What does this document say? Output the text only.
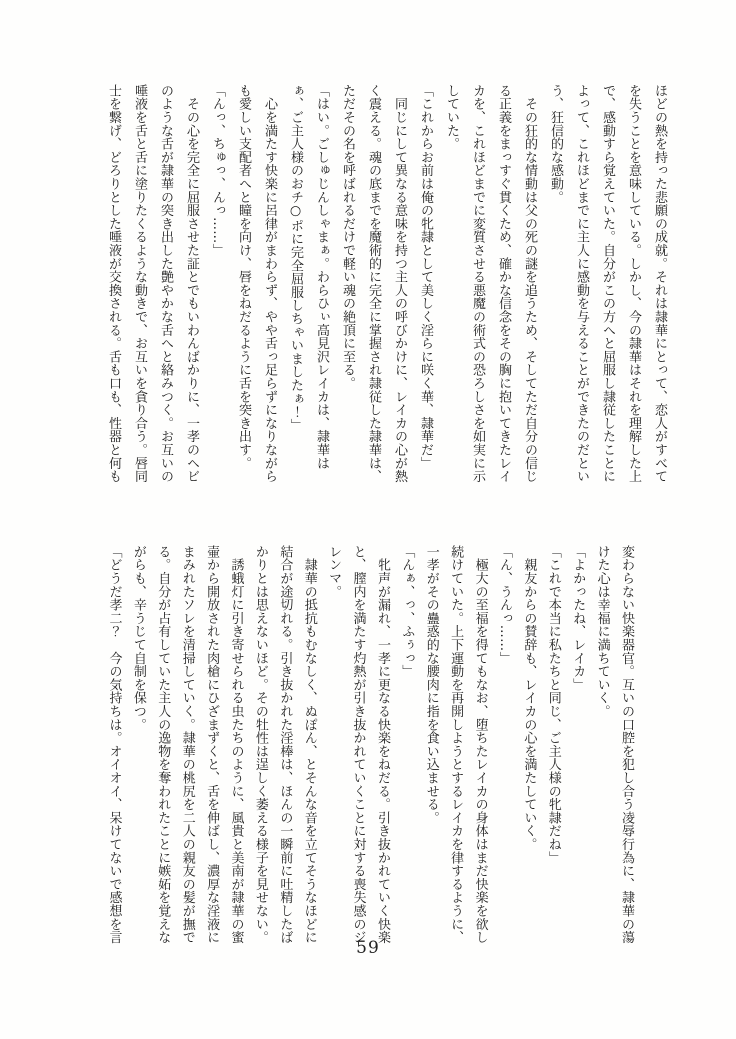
ほどの熱を持った悲願の成就。それは隷華にとって、恋人がすべて
を失うことを意味している。しかし、今の隷華はそれを理解した上
で、感動すら覚えていた。自分がこの方へと屈服し隷従したことに
よって、これほどまでに主人に感動を与えることができたのだとい
う、狂信的な感動。
　その狂的な情動は父の死の謎を追うため、そしてただ自分の信じ
る正義をまっすぐ貫くため、確かな信念をその胸に抱いてきたレイ
カを、これほどまでに変質させる悪魔の術式の恐ろしさを如実に示
していた。
「これからお前は俺の牝隷として美しく淫らに咲く華、隷華だ」
　同じにして異なる意味を持つ主人の呼びかけに、レイカの心が熱
く震える。魂の底までを魔術的に完全に掌握され隷従した隷華は、
ただその名を呼ばれるだけで軽い魂の絶頂に至る。
「はい。ごしゅじんしゃまぁ。わらひぃ高見沢レイカは、隷華は
ぁ、ご主人様のおチ○ポに完全屈服しちゃいましたぁ！」
　心を満たす快楽に呂律がまわらず、やや舌っ足らずになりながら
も愛しい支配者へと瞳を向け、唇をねだるように舌を突き出す。
「んっ、ちゅっ、んっ……」
　その心を完全に屈服させた証とでもいわんばかりに、一孝のヘビ
のような舌が隷華の突き出した艶やかな舌へと絡みつく。お互いの
唾液を舌と舌に塗りたくるような動きで、お互いを貪り合う。唇同
士を繋げ、どろりとした唾液が交換される。舌も口も、性器と何も
変わらない快楽器官。互いの口腔を犯し合う凌辱行為に、隷華の蕩
けた心は幸福に満ちていく。
「よかったね、レイカ」
「これで本当に私たちと同じ、ご主人様の牝隷だね」
　親友からの賛辞も、レイカの心を満たしていく。
「ん、うんっ……」
　極大の至福を得てもなお、堕ちたレイカの身体はまだ快楽を欲し
続けていた。上下運動を再開しようとするレイカを律するように、
一孝がその蠱惑的な腰肉に指を食い込ませる。
「んぁ、っ、ふぅっ」
　牝声が漏れ、一孝に更なる快楽をねだる。引き抜かれていく快楽
と、膣内を満たす灼熱が引き抜かれていくことに対する喪失感のジ
レンマ。
　隷華の抵抗もむなしく、ぬぽん、とそんな音を立てそうなほどに
結合が途切れる。引き抜かれた淫棒は、ほんの一瞬前に吐精したば
かりとは思えないほど。その牡性は逞しく萎える様子を見せない。
　誘蛾灯に引き寄せられる虫たちのように、風貴と美南が隷華の蜜
壷から開放された肉槍にひざまずくと、舌を伸ばし、濃厚な淫液に
まみれたソレを清掃していく。隷華の桃尻を二人の親友の髪が撫で
る。自分が占有していた主人の逸物を奪われたことに嫉妬を覚えな
がらも、辛うじて自制を保つ。
「どうだ孝二？　今の気持ちは。オイオイ、呆けてないで感想を言
59
